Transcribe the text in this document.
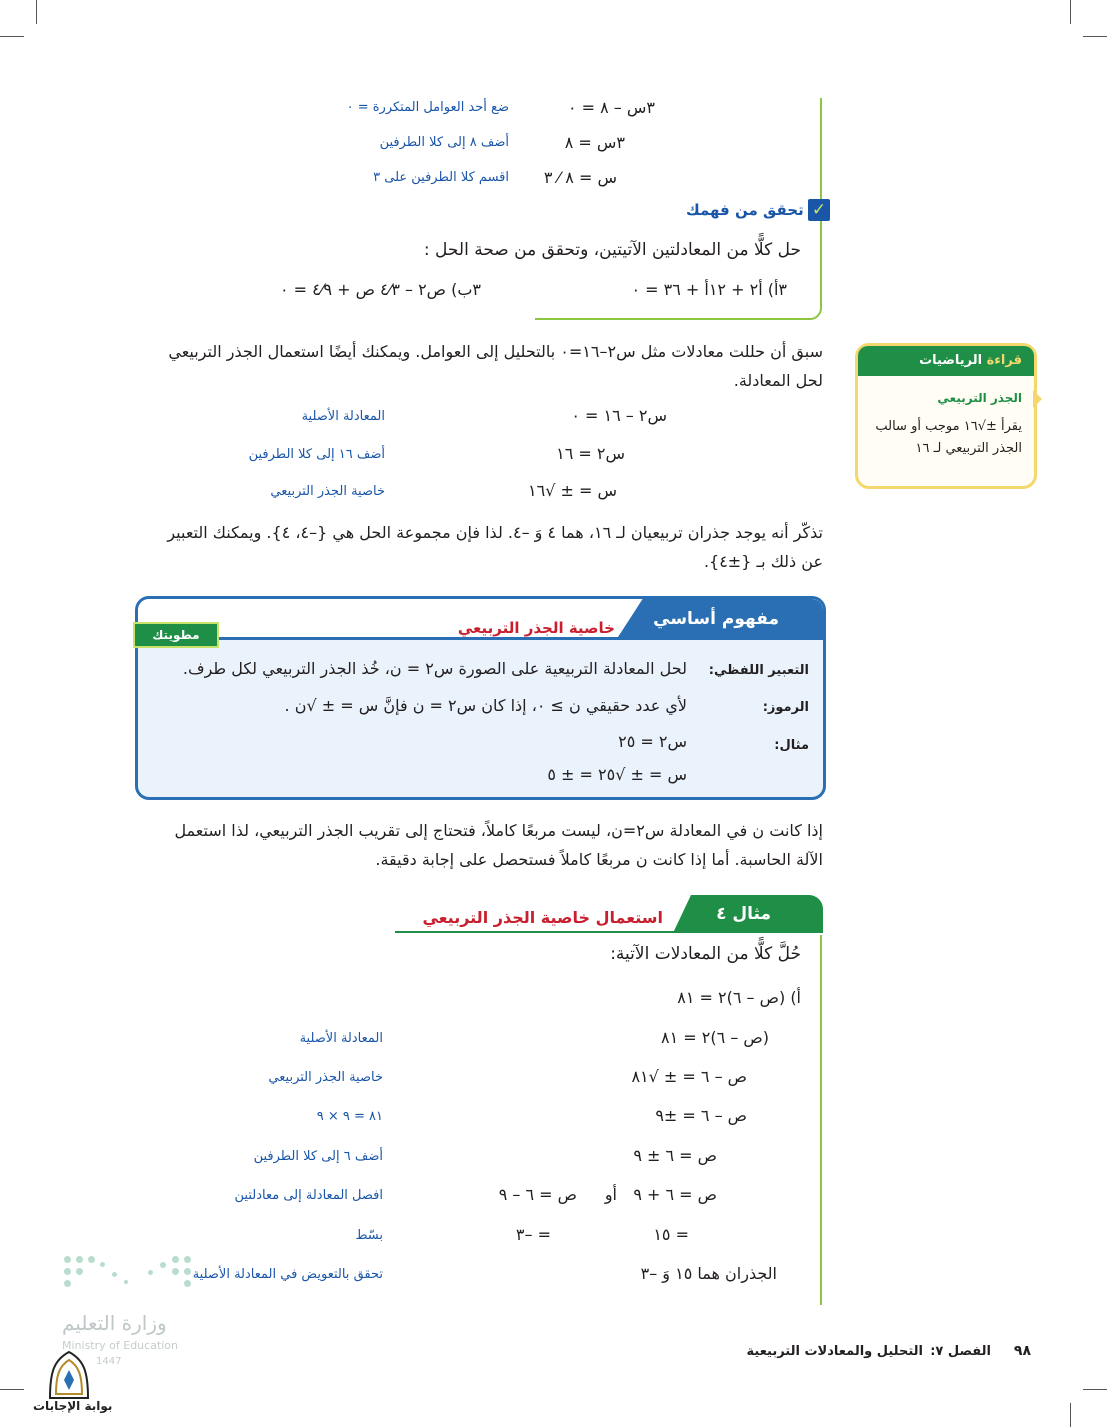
٣س – ٨ = ٠
ضع أحد العوامل المتكررة = ٠
٣س = ٨
أضف ٨ إلى كلا الطرفين
س = ٨ ⁄ ٣
اقسم كلا الطرفين على ٣
✓
تحقق من فهمك
حل كلًّا من المعادلتين الآتيتين، وتحقق من صحة الحل :
٣أ) أ٢ + ١٢أ + ٣٦ = ٠
٣ب) ص٢ – ٤⁄٣ ص + ٤⁄٩ = ٠
قراءة الرياضيات
الجذر التربيعي
يقرأ ±√١٦ موجب أو سالب الجذر التربيعي لـ ١٦
سبق أن حللت معادلات مثل س٢–١٦=٠ بالتحليل إلى العوامل. ويمكنك أيضًا استعمال الجذر التربيعي لحل المعادلة.
س٢ – ١٦ = ٠
المعادلة الأصلية
س٢ = ١٦
أضف ١٦ إلى كلا الطرفين
س = ± √١٦
خاصية الجذر التربيعي
تذكّر أنه يوجد جذران تربيعيان لـ ١٦، هما ٤ وَ –٤. لذا فإن مجموعة الحل هي {–٤، ٤}. ويمكنك التعبير عن ذلك بـ {±٤}.
مفهوم أساسي
خاصية الجذر التربيعي
التعبير اللفظي:
لحل المعادلة التربيعية على الصورة س٢ = ن، خُذ الجذر التربيعي لكل طرف.
الرموز:
لأي عدد حقيقي ن ≥ ٠، إذا كان س٢ = ن فإنَّ س = ± √ن .
مثال:
س٢ = ٢٥
س = ± √٢٥ = ± ٥
أضف إلى
مطويتك
إذا كانت ن في المعادلة س٢=ن، ليست مربعًا كاملاً، فتحتاج إلى تقريب الجذر التربيعي، لذا استعمل الآلة الحاسبة. أما إذا كانت ن مربعًا كاملاً فستحصل على إجابة دقيقة.
مثال ٤
استعمال خاصية الجذر التربيعي
حُلَّ كلًّا من المعادلات الآتية:
أ) (ص – ٦)٢ = ٨١
(ص – ٦)٢ = ٨١
المعادلة الأصلية
ص – ٦ = ± √٨١
خاصية الجذر التربيعي
ص – ٦ = ±٩
٨١ = ٩ × ٩
ص = ٦ ± ٩
أضف ٦ إلى كلا الطرفين
ص = ٦ + ٩
افصل المعادلة إلى معادلتين	أو
ص = ٦ – ٩
= ١٥
بسّط	= –٣
الجذران هما ١٥ وَ –٣
تحقق بالتعويض في المعادلة الأصلية
٩٨
الفصل ٧:
التحليل والمعادلات التربيعية
وزارة التعليم
Ministry of Education
1447
بوابة الإجابات
